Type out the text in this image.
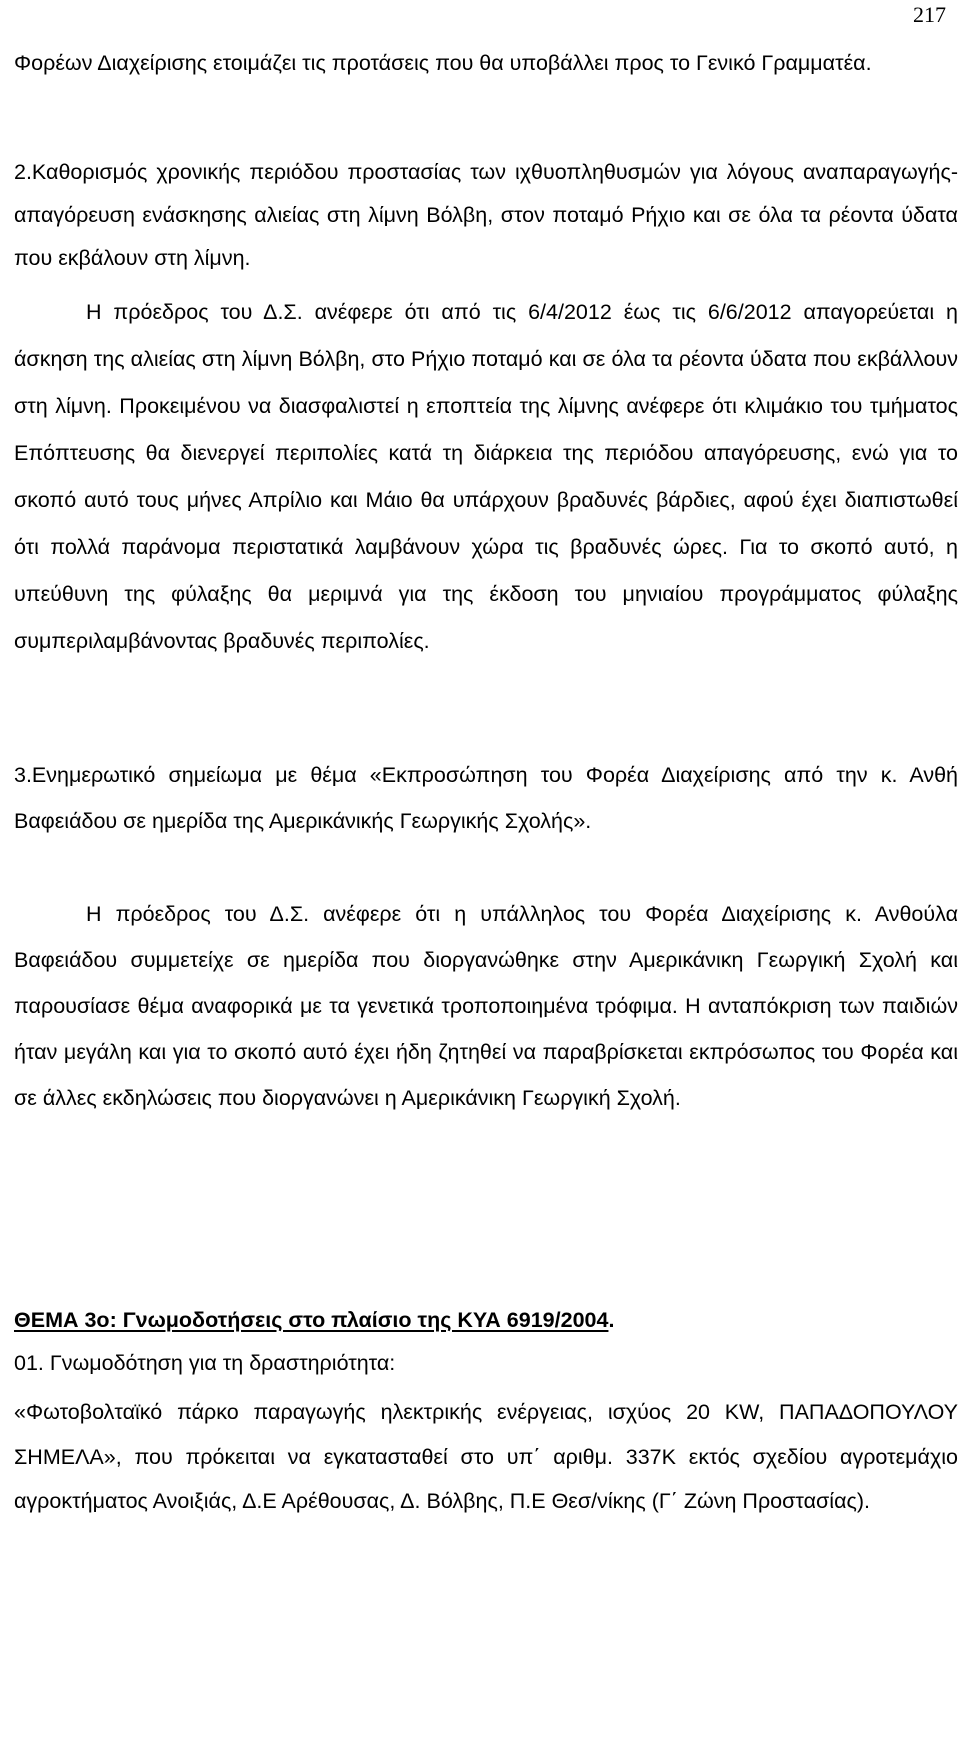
217

Φορέων Διαχείρισης ετοιμάζει τις προτάσεις που θα υποβάλλει προς το Γενικό Γραμματέα.

2.Καθορισμός χρονικής περιόδου προστασίας των ιχθυοπληθυσμών για λόγους αναπαραγωγής-απαγόρευση ενάσκησης αλιείας στη λίμνη Βόλβη, στον ποταμό Ρήχιο και σε όλα τα ρέοντα ύδατα που εκβάλουν στη λίμνη.

Η πρόεδρος του Δ.Σ. ανέφερε ότι από τις 6/4/2012 έως τις 6/6/2012 απαγορεύεται η άσκηση της αλιείας στη λίμνη Βόλβη, στο Ρήχιο ποταμό και σε όλα τα ρέοντα ύδατα που εκβάλλουν στη λίμνη. Προκειμένου να διασφαλιστεί η εποπτεία της λίμνης ανέφερε ότι κλιμάκιο του τμήματος Επόπτευσης θα διενεργεί περιπολίες κατά τη διάρκεια της περιόδου απαγόρευσης, ενώ για το σκοπό αυτό τους μήνες Απρίλιο και Μάιο θα υπάρχουν βραδυνές βάρδιες, αφού έχει διαπιστωθεί ότι πολλά παράνομα περιστατικά λαμβάνουν χώρα τις βραδυνές ώρες. Για το σκοπό αυτό, η υπεύθυνη της φύλαξης θα μεριμνά για της έκδοση του μηνιαίου προγράμματος φύλαξης συμπεριλαμβάνοντας βραδυνές περιπολίες.

3.Ενημερωτικό σημείωμα με θέμα «Εκπροσώπηση του Φορέα Διαχείρισης από την κ. Ανθή Βαφειάδου σε ημερίδα της Αμερικάνικής Γεωργικής Σχολής».

Η πρόεδρος του Δ.Σ. ανέφερε ότι η υπάλληλος του Φορέα Διαχείρισης κ. Ανθούλα Βαφειάδου συμμετείχε σε ημερίδα που διοργανώθηκε στην Αμερικάνικη Γεωργική Σχολή και παρουσίασε θέμα αναφορικά με τα γενετικά τροποποιημένα τρόφιμα. Η ανταπόκριση των παιδιών ήταν μεγάλη και για το σκοπό αυτό έχει ήδη ζητηθεί να παραβρίσκεται εκπρόσωπος του Φορέα και σε άλλες εκδηλώσεις που διοργανώνει η Αμερικάνικη Γεωργική Σχολή.

ΘΕΜΑ 3ο: Γνωμοδοτήσεις στο πλαίσιο της ΚΥΑ 6919/2004.

01. Γνωμοδότηση για τη δραστηριότητα:

«Φωτοβολταϊκό πάρκο παραγωγής ηλεκτρικής ενέργειας, ισχύος 20 KW, ΠΑΠΑΔΟΠΟΥΛΟΥ ΣΗΜΕΛΑ», που πρόκειται να εγκατασταθεί στο υπ΄ αριθμ. 337Κ εκτός σχεδίου αγροτεμάχιο αγροκτήματος Ανοιξιάς, Δ.Ε Αρέθουσας, Δ. Βόλβης, Π.Ε Θεσ/νίκης (Γ΄ Ζώνη Προστασίας).
